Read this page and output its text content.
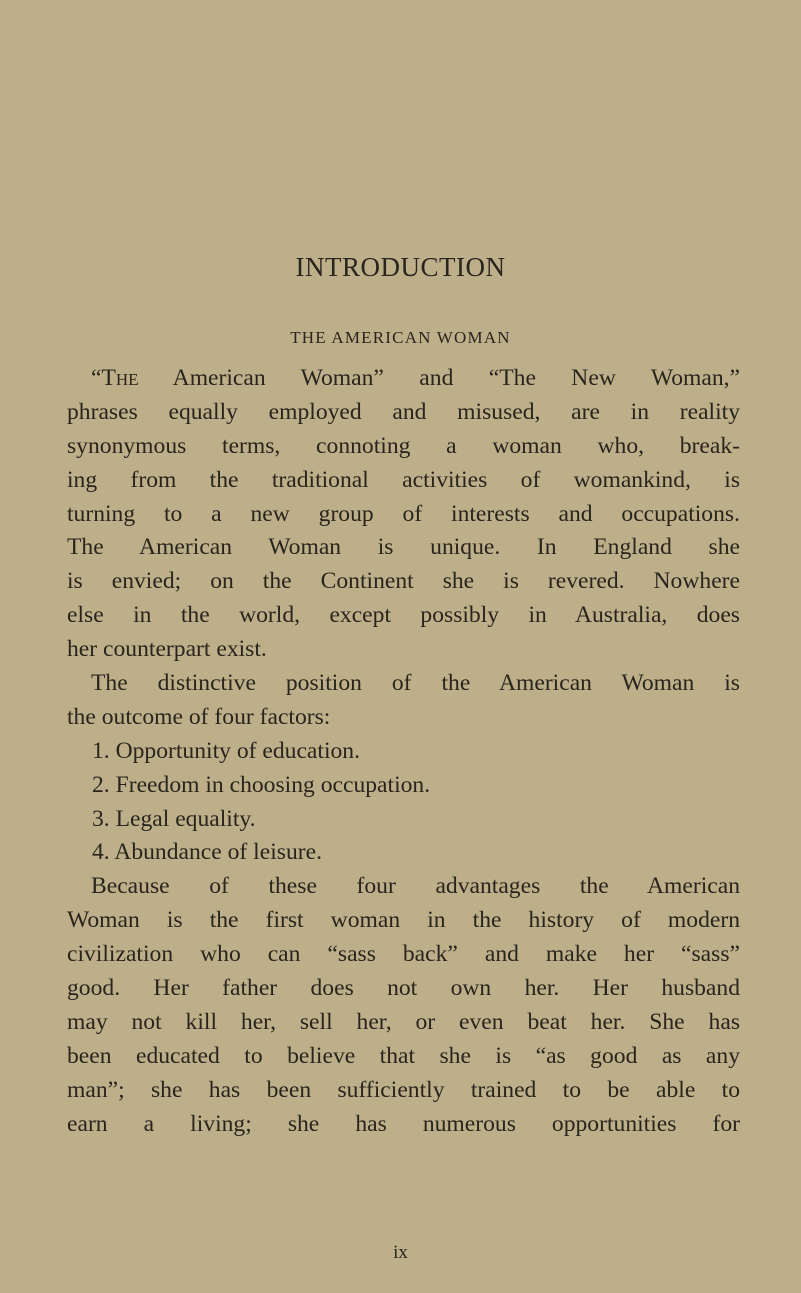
INTRODUCTION
THE AMERICAN WOMAN
“The American Woman” and “The New Woman,”
phrases equally employed and misused, are in reality
synonymous terms, connoting a woman who, break-
ing from the traditional activities of womankind, is
turning to a new group of interests and occupations.
The American Woman is unique. In England she
is envied; on the Continent she is revered. Nowhere
else in the world, except possibly in Australia, does
her counterpart exist.
The distinctive position of the American Woman is
the outcome of four factors:
1. Opportunity of education.
2. Freedom in choosing occupation.
3. Legal equality.
4. Abundance of leisure.
Because of these four advantages the American
Woman is the first woman in the history of modern
civilization who can “sass back” and make her “sass”
good. Her father does not own her. Her husband
may not kill her, sell her, or even beat her. She has
been educated to believe that she is “as good as any
man”; she has been sufficiently trained to be able to
earn a living; she has numerous opportunities for
ix
